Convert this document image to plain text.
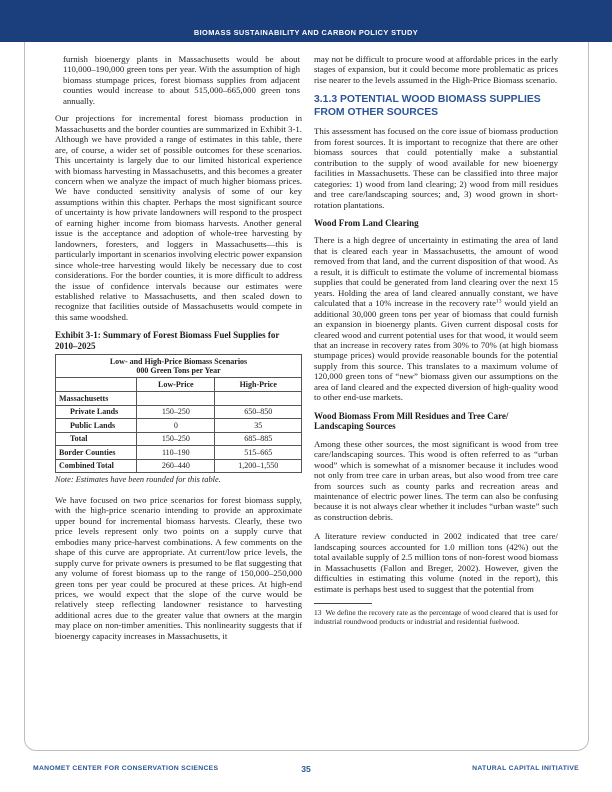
BIOMASS SUSTAINABILITY AND CARBON POLICY STUDY

furnish bioenergy plants in Massachusetts would be about 110,000–190,000 green tons per year. With the assumption of high biomass stumpage prices, forest biomass supplies from adjacent counties would increase to about 515,000–665,000 green tons annually.

Our projections for incremental forest biomass production in Massachusetts and the border counties are summarized in Exhibit 3-1. Although we have provided a range of estimates in this table, there are, of course, a wider set of possible outcomes for these scenarios. This uncertainty is largely due to our limited historical experience with biomass harvesting in Massachusetts, and this becomes a greater concern when we analyze the impact of much higher biomass prices. We have conducted sensitivity analysis of some of our key assumptions within this chapter. Perhaps the most significant source of uncertainty is how private landowners will respond to the prospect of earning higher income from biomass harvests. Another general issue is the acceptance and adoption of whole-tree harvesting by landowners, foresters, and loggers in Massachusetts—this is particularly important in scenarios involving electric power expansion since whole-tree harvesting would likely be necessary due to cost considerations. For the border counties, it is more difficult to address the issue of confidence intervals because our estimates were established relative to Massachusetts, and then scaled down to recognize that facilities outside of Massachusetts would compete in this same woodshed.

Exhibit 3-1: Summary of Forest Biomass Fuel Supplies for 2010–2025

Low- and High-Price Biomass Scenarios
000 Green Tons per Year		
	Low-Price	High-Price
Massachusetts		
Private Lands	150–250	650–850
Public Lands	0	35
Total	150–250	685–885
Border Counties	110–190	515–665
Combined Total	260–440	1,200–1,550

Note: Estimates have been rounded for this table.

We have focused on two price scenarios for forest biomass supply, with the high-price scenario intending to provide an approximate upper bound for incremental biomass harvests. Clearly, these two price levels represent only two points on a supply curve that embodies many price-harvest combinations. A few comments on the shape of this curve are appropriate. At current/low price levels, the supply curve for private owners is presumed to be flat suggesting that any volume of forest biomass up to the range of 150,000–250,000 green tons per year could be procured at these prices. At high-end prices, we would expect that the slope of the curve would be relatively steep reflecting landowner resistance to harvesting additional acres due to the greater value that owners at the margin may place on non-timber amenities. This nonlinearity suggests that if bioenergy capacity increases in Massachusetts, it

may not be difficult to procure wood at affordable prices in the early stages of expansion, but it could become more problematic as prices rise nearer to the levels assumed in the High-Price Biomass scenario.

3.1.3 POTENTIAL WOOD BIOMASS SUPPLIES
FROM OTHER SOURCES

This assessment has focused on the core issue of biomass production from forest sources. It is important to recognize that there are other biomass sources that could potentially make a substantial contribution to the supply of wood available for new bioenergy facilities in Massachusetts. These can be classified into three major categories: 1) wood from land clearing; 2) wood from mill residues and tree care/landscaping sources; and, 3) wood grown in short-rotation plantations.

Wood From Land Clearing

There is a high degree of uncertainty in estimating the area of land that is cleared each year in Massachusetts, the amount of wood removed from that land, and the current disposition of that wood. As a result, it is difficult to estimate the volume of incremental biomass supplies that could be generated from land clearing over the next 15 years. Holding the area of land cleared annually constant, we have calculated that a 10% increase in the recovery rate$^{13}$ would yield an additional 30,000 green tons per year of biomass that could furnish an expansion in bioenergy plants. Given current disposal costs for cleared wood and current potential uses for that wood, it would seem that an increase in recovery rates from 30% to 70% (at high biomass stumpage prices) would provide reasonable bounds for the potential supply from this source. This translates to a maximum volume of 120,000 green tons of “new” biomass given our assumptions on the area of land cleared and the expected diversion of high-quality wood to other end-use markets.

Wood Biomass From Mill Residues and Tree Care/ Landscaping Sources

Among these other sources, the most significant is wood from tree care/landscaping sources. This wood is often referred to as “urban wood” which is somewhat of a misnomer because it includes wood not only from tree care in urban areas, but also wood from tree care from sources such as county parks and recreation areas and maintenance of electric power lines. The term can also be confusing because it is not always clear whether it includes “urban waste” such as construction debris.

A literature review conducted in 2002 indicated that tree care/ landscaping sources accounted for 1.0 million tons (42%) out the total available supply of 2.5 million tons of non-forest wood biomass in Massachusetts (Fallon and Breger, 2002). However, given the difficulties in estimating this volume (noted in the report), this estimate is perhaps best used to suggest that the potential from

13 We define the recovery rate as the percentage of wood cleared that is used for industrial roundwood products or industrial and residential fuelwood.

MANOMET CENTER FOR CONSERVATION SCIENCES	35	NATURAL CAPITAL INITIATIVE
